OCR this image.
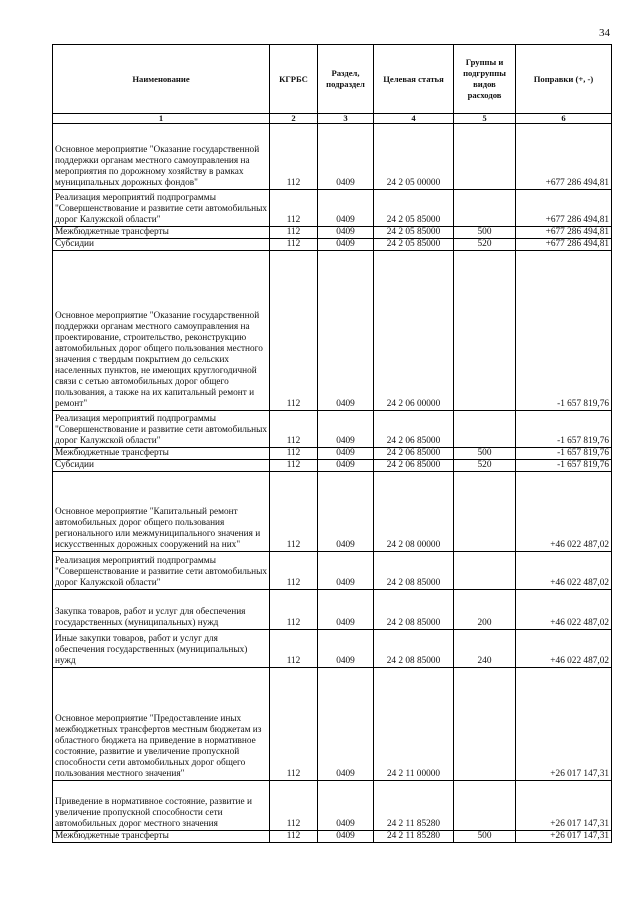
34
Наименование	КГРБС	Раздел, подраздел	Целевая статья	Группы и подгруппы видов расходов	Поправки (+, -)
1	2	3	4	5	6
Основное мероприятие "Оказание государственной поддержки органам местного самоуправления на мероприятия по дорожному хозяйству в рамках муниципальных дорожных фондов"	112	0409	24 2 05 00000		+677 286 494,81
Реализация мероприятий подпрограммы "Совершенствование и развитие сети автомобильных дорог Калужской области"	112	0409	24 2 05 85000		+677 286 494,81
Межбюджетные трансферты	112	0409	24 2 05 85000	500	+677 286 494,81
Субсидии	112	0409	24 2 05 85000	520	+677 286 494,81
Основное мероприятие "Оказание государственной поддержки органам местного самоуправления на проектирование, строительство, реконструкцию автомобильных дорог общего пользования местного значения с твердым покрытием до сельских населенных пунктов, не имеющих круглогодичной связи с сетью автомобильных дорог общего пользования, а также на их капитальный ремонт и ремонт"	112	0409	24 2 06 00000		-1 657 819,76
Реализация мероприятий подпрограммы "Совершенствование и развитие сети автомобильных дорог Калужской области"	112	0409	24 2 06 85000		-1 657 819,76
Межбюджетные трансферты	112	0409	24 2 06 85000	500	-1 657 819,76
Субсидии	112	0409	24 2 06 85000	520	-1 657 819,76
Основное мероприятие "Капитальный ремонт автомобильных дорог общего пользования регионального или межмуниципального значения и искусственных дорожных сооружений на них"	112	0409	24 2 08 00000		+46 022 487,02
Реализация мероприятий подпрограммы "Совершенствование и развитие сети автомобильных дорог Калужской области"	112	0409	24 2 08 85000		+46 022 487,02
Закупка товаров, работ и услуг для обеспечения государственных (муниципальных) нужд	112	0409	24 2 08 85000	200	+46 022 487,02
Иные закупки товаров, работ и услуг для обеспечения государственных (муниципальных) нужд	112	0409	24 2 08 85000	240	+46 022 487,02
Основное мероприятие "Предоставление иных межбюджетных трансфертов местным бюджетам из областного бюджета на приведение в нормативное состояние, развитие и увеличение пропускной способности сети автомобильных дорог общего пользования местного значения"	112	0409	24 2 11 00000		+26 017 147,31
Приведение в нормативное состояние, развитие и увеличение пропускной способности сети автомобильных дорог местного значения	112	0409	24 2 11 85280		+26 017 147,31
Межбюджетные трансферты	112	0409	24 2 11 85280	500	+26 017 147,31
